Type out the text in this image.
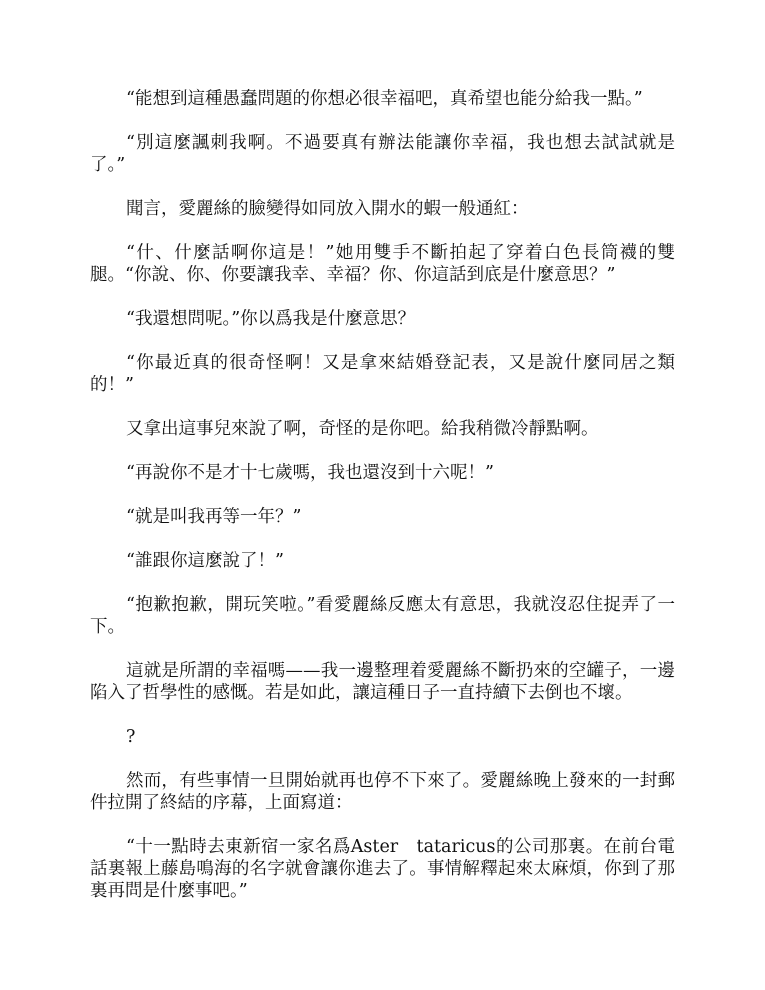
“能想到這種愚蠢問題的你想必很幸福吧，真希望也能分給我一點。”

“別這麼諷刺我啊。不過要真有辦法能讓你幸福，我也想去試試就是了。”

聞言，愛麗絲的臉變得如同放入開水的蝦一般通紅：

“什、什麼話啊你這是！”她用雙手不斷拍起了穿着白色長筒襪的雙腿。“你說、你、你要讓我幸、幸福？你、你這話到底是什麼意思？”

“我還想問呢。”你以爲我是什麼意思？

“你最近真的很奇怪啊！又是拿來結婚登記表，又是說什麼同居之類的！”

又拿出這事兒來說了啊，奇怪的是你吧。給我稍微冷靜點啊。

“再說你不是才十七歲嗎，我也還沒到十六呢！”

“就是叫我再等一年？”

“誰跟你這麼說了！”

“抱歉抱歉，開玩笑啦。”看愛麗絲反應太有意思，我就沒忍住捉弄了一下。

這就是所謂的幸福嗎——我一邊整理着愛麗絲不斷扔來的空罐子，一邊陷入了哲學性的感慨。若是如此，讓這種日子一直持續下去倒也不壞。

?

然而，有些事情一旦開始就再也停不下來了。愛麗絲晚上發來的一封郵件拉開了終結的序幕，上面寫道：

“十一點時去東新宿一家名爲Aster　tataricus的公司那裏。在前台電話裏報上藤島鳴海的名字就會讓你進去了。事情解釋起來太麻煩，你到了那裏再問是什麼事吧。”
